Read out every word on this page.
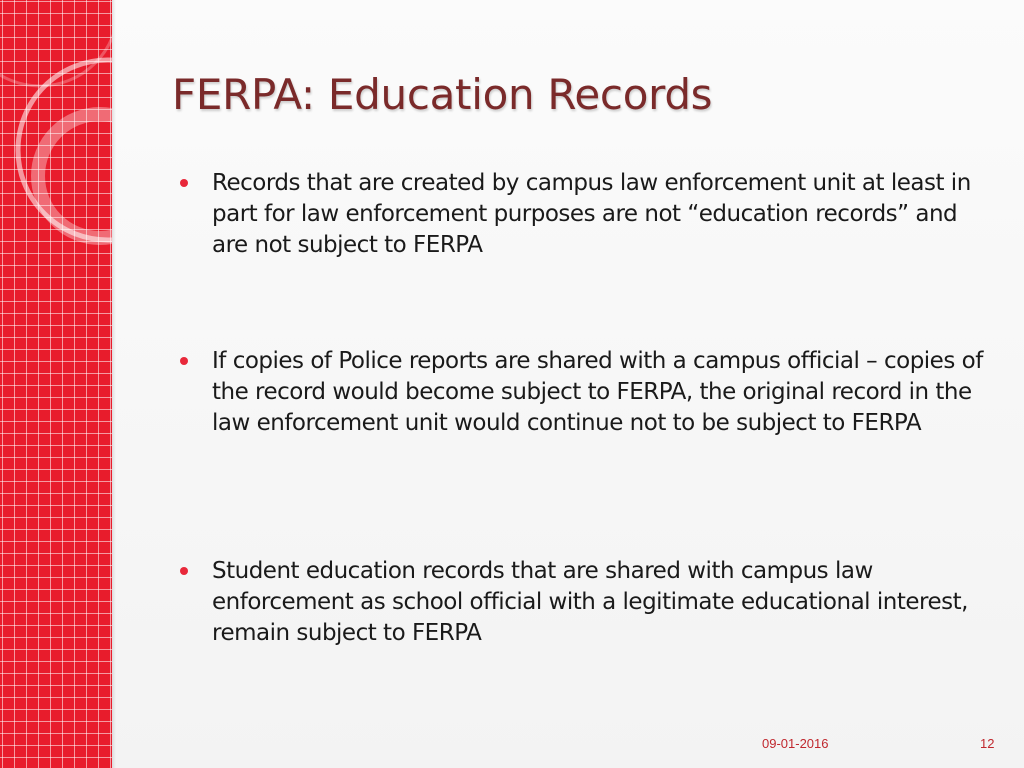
FERPA: Education Records
Records that are created by campus law enforcement unit at least in part for law enforcement purposes are not “education records” and are not subject to FERPA
If copies of Police reports are shared with a campus official – copies of the record would become subject to FERPA, the original record in the law enforcement unit would continue not to be subject to FERPA
Student education records that are shared with campus law enforcement as school official with a legitimate educational interest, remain subject to FERPA
09-01-2016	12
